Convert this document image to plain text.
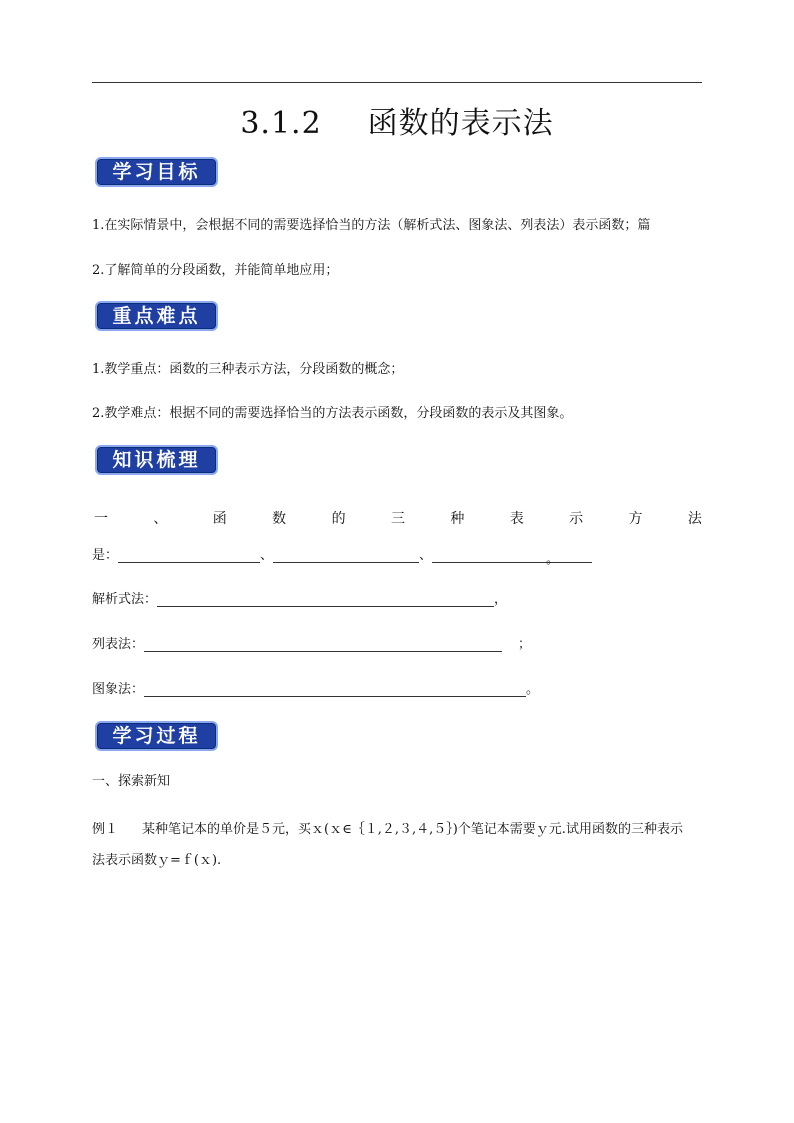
3.1.2 函数的表示法
学习目标
1.在实际情景中，会根据不同的需要选择恰当的方法（解析式法、图象法、列表法）表示函数；篇
2.了解简单的分段函数，并能简单地应用；
重点难点
1.教学重点：函数的三种表示方法，分段函数的概念；
2.教学难点：根据不同的需要选择恰当的方法表示函数，分段函数的表示及其图象。
知识梳理
一	、	函	数	的	三	种	表	示	方	法
是：	、	、	。
解析式法：	，
列表法：	；
图象法：	。
学习过程
一、探索新知
例１ 某种笔记本的单价是５元，买ｘ(ｘ∈｛１,２,３,４,５｝)个笔记本需要ｙ元.试用函数的三种表示
法表示函数ｙ=ｆ(ｘ).
